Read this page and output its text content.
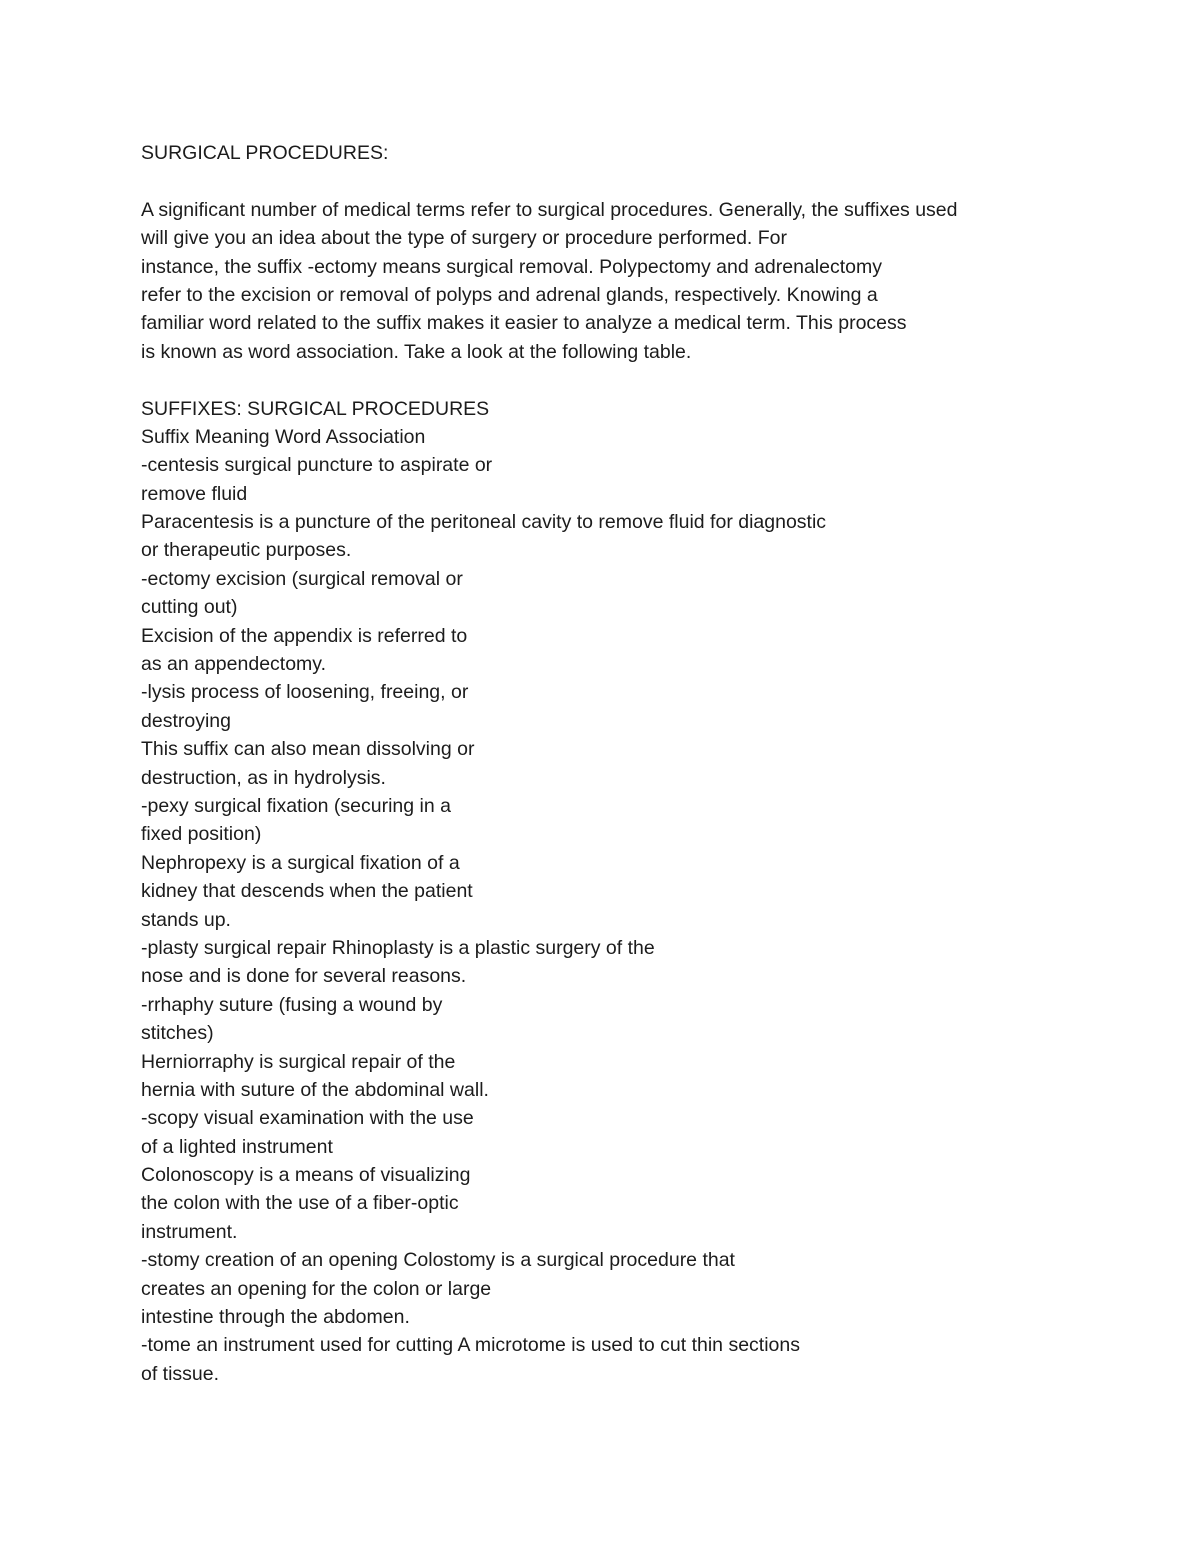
SURGICAL PROCEDURES:

A significant number of medical terms refer to surgical procedures. Generally, the suffixes used

will give you an idea about the type of surgery or procedure performed. For

instance, the suffix -ectomy means surgical removal. Polypectomy and adrenalectomy

refer to the excision or removal of polyps and adrenal glands, respectively. Knowing a

familiar word related to the suffix makes it easier to analyze a medical term. This process

is known as word association. Take a look at the following table.

SUFFIXES: SURGICAL PROCEDURES

Suffix Meaning Word Association

-centesis surgical puncture to aspirate or

remove fluid

Paracentesis is a puncture of the peritoneal cavity to remove fluid for diagnostic

or therapeutic purposes.

-ectomy excision (surgical removal or

cutting out)

Excision of the appendix is referred to

as an appendectomy.

-lysis process of loosening, freeing, or

destroying

This suffix can also mean dissolving or

destruction, as in hydrolysis.

-pexy surgical fixation (securing in a

fixed position)

Nephropexy is a surgical fixation of a

kidney that descends when the patient

stands up.

-plasty surgical repair Rhinoplasty is a plastic surgery of the

nose and is done for several reasons.

-rrhaphy suture (fusing a wound by

stitches)

Herniorraphy is surgical repair of the

hernia with suture of the abdominal wall.

-scopy visual examination with the use

of a lighted instrument

Colonoscopy is a means of visualizing

the colon with the use of a fiber-optic

instrument.

-stomy creation of an opening Colostomy is a surgical procedure that

creates an opening for the colon or large

intestine through the abdomen.

-tome an instrument used for cutting A microtome is used to cut thin sections

of tissue.
